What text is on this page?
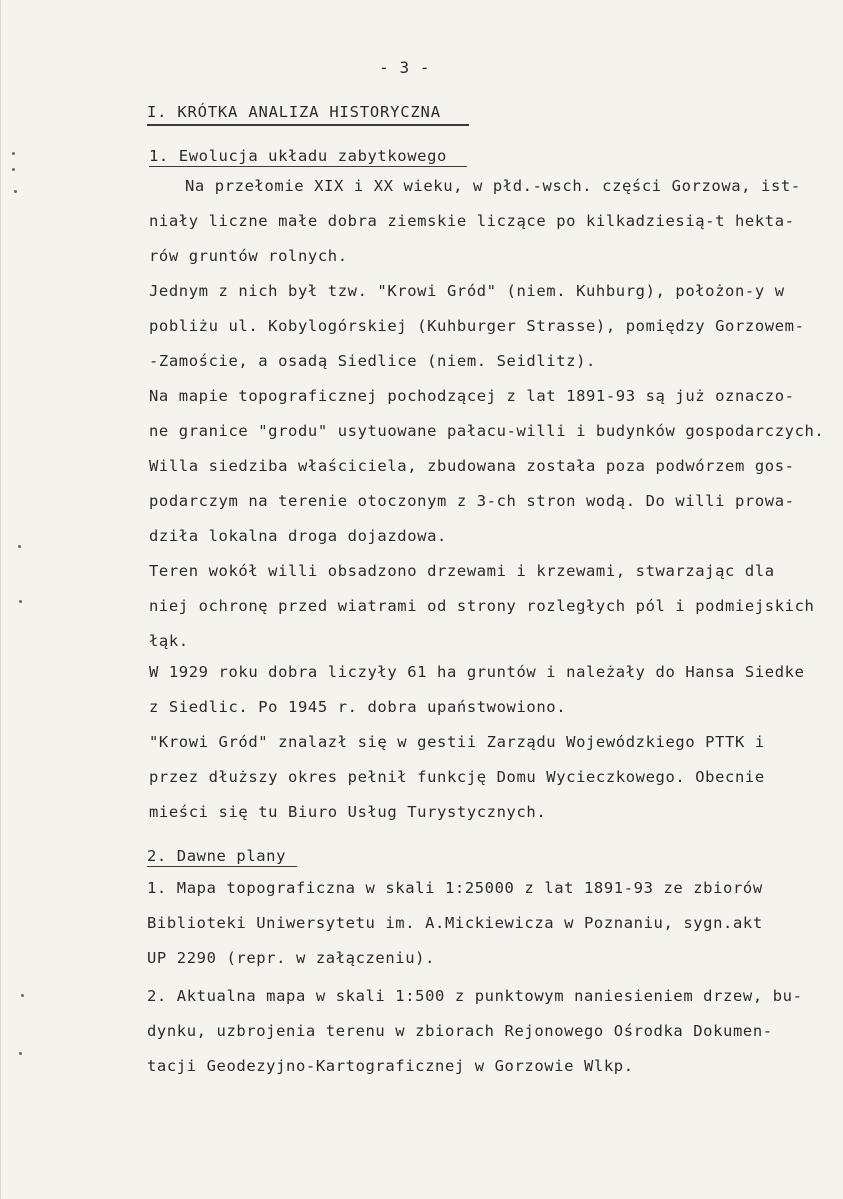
- 3 -
I. KRÓTKA ANALIZA HISTORYCZNA
1. Ewolucja układu zabytkowego
Na przełomie XIX i XX wieku, w płd.-wsch. części Gorzowa, ist-
niały liczne małe dobra ziemskie liczące po kilkadziesią-t hekta-
rów gruntów rolnych.
Jednym z nich był tzw. "Krowi Gród" (niem. Kuhburg), położon-y w
pobliżu ul. Kobylogórskiej (Kuhburger Strasse), pomiędzy Gorzowem-
-Zamoście, a osadą Siedlice (niem. Seidlitz).
Na mapie topograficznej pochodzącej z lat 1891-93 są już oznaczo-
ne granice "grodu" usytuowane pałacu-willi i budynków gospodarczych.
Willa siedziba właściciela, zbudowana została poza podwórzem gos-
podarczym na terenie otoczonym z 3-ch stron wodą. Do willi prowa-
dziła lokalna droga dojazdowa.
Teren wokół willi obsadzono drzewami i krzewami, stwarzając dla
niej ochronę przed wiatrami od strony rozległych pól i podmiejskich
łąk.
W 1929 roku dobra liczyły 61 ha gruntów i należały do Hansa Siedke
z Siedlic. Po 1945 r. dobra upaństwowiono.
"Krowi Gród" znalazł się w gestii Zarządu Wojewódzkiego PTTK i
przez dłuższy okres pełnił funkcję Domu Wycieczkowego. Obecnie
mieści się tu Biuro Usług Turystycznych.
2. Dawne plany
1. Mapa topograficzna w skali 1:25000 z lat 1891-93 ze zbiorów
Biblioteki Uniwersytetu im. A.Mickiewicza w Poznaniu, sygn.akt
UP 2290 (repr. w załączeniu).
2. Aktualna mapa w skali 1:500 z punktowym naniesieniem drzew, bu-
dynku, uzbrojenia terenu w zbiorach Rejonowego Ośrodka Dokumen-
tacji Geodezyjno-Kartograficznej w Gorzowie Wlkp.
